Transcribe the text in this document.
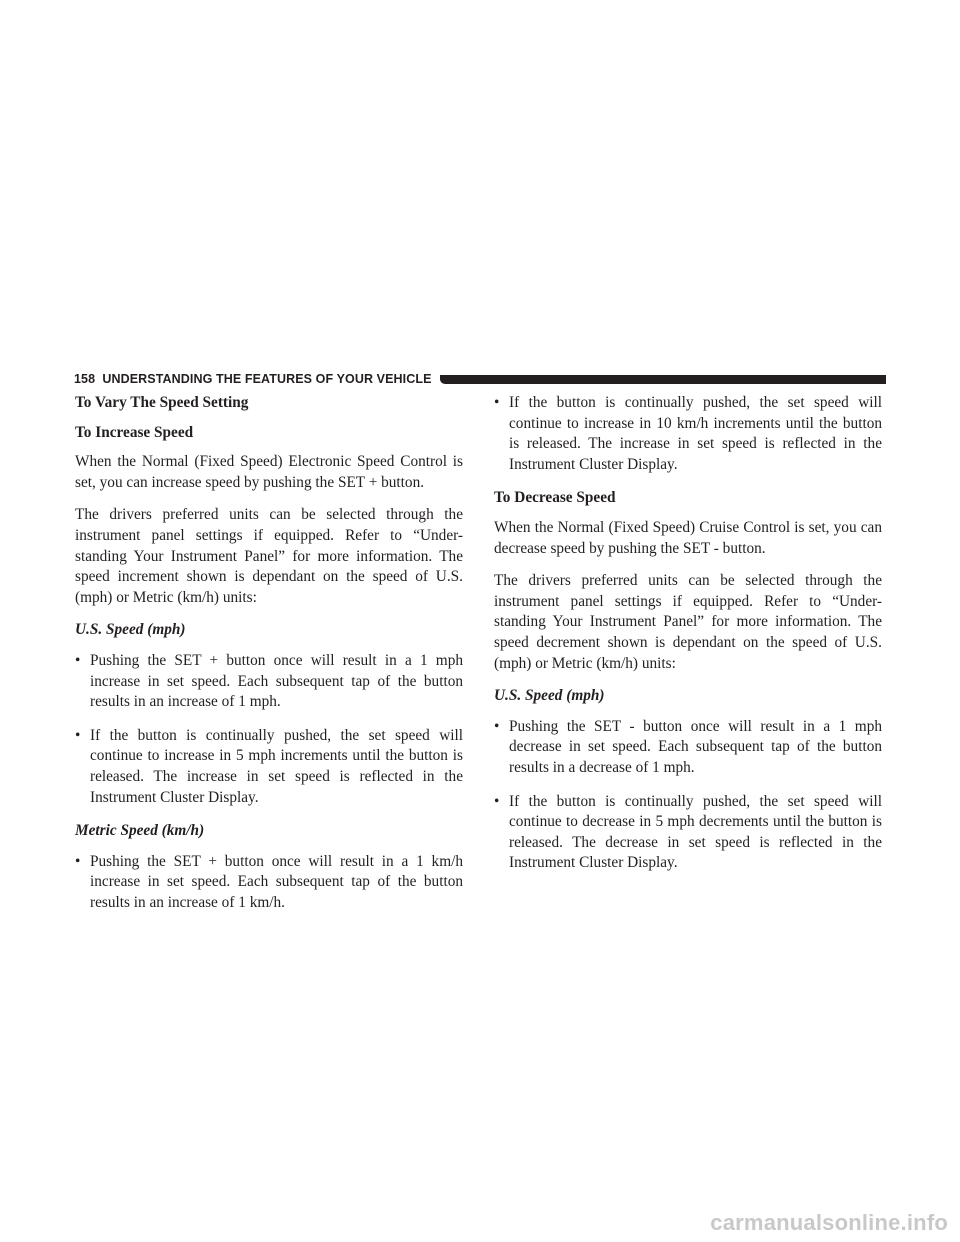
158
UNDERSTANDING THE FEATURES OF YOUR VEHICLE

To Vary The Speed Setting

To Increase Speed

When the Normal (Fixed Speed) Electronic Speed Control is set, you can increase speed by pushing the SET + button.

The drivers preferred units can be selected through the instrument panel settings if equipped. Refer to “Under-standing Your Instrument Panel” for more information. The speed increment shown is dependant on the speed of U.S. (mph) or Metric (km/h) units:

U.S. Speed (mph)

• Pushing the SET + button once will result in a 1 mph increase in set speed. Each subsequent tap of the button results in an increase of 1 mph.
• If the button is continually pushed, the set speed will continue to increase in 5 mph increments until the button is released. The increase in set speed is reflected in the Instrument Cluster Display.

Metric Speed (km/h)

• Pushing the SET + button once will result in a 1 km/h increase in set speed. Each subsequent tap of the button results in an increase of 1 km/h.
• If the button is continually pushed, the set speed will continue to increase in 10 km/h increments until the button is released. The increase in set speed is reflected in the Instrument Cluster Display.

To Decrease Speed

When the Normal (Fixed Speed) Cruise Control is set, you can decrease speed by pushing the SET - button.

The drivers preferred units can be selected through the instrument panel settings if equipped. Refer to “Under-standing Your Instrument Panel” for more information. The speed decrement shown is dependant on the speed of U.S. (mph) or Metric (km/h) units:

U.S. Speed (mph)

• Pushing the SET - button once will result in a 1 mph decrease in set speed. Each subsequent tap of the button results in a decrease of 1 mph.
• If the button is continually pushed, the set speed will continue to decrease in 5 mph decrements until the button is released. The decrease in set speed is reflected in the Instrument Cluster Display.
carmanualsonline.info
